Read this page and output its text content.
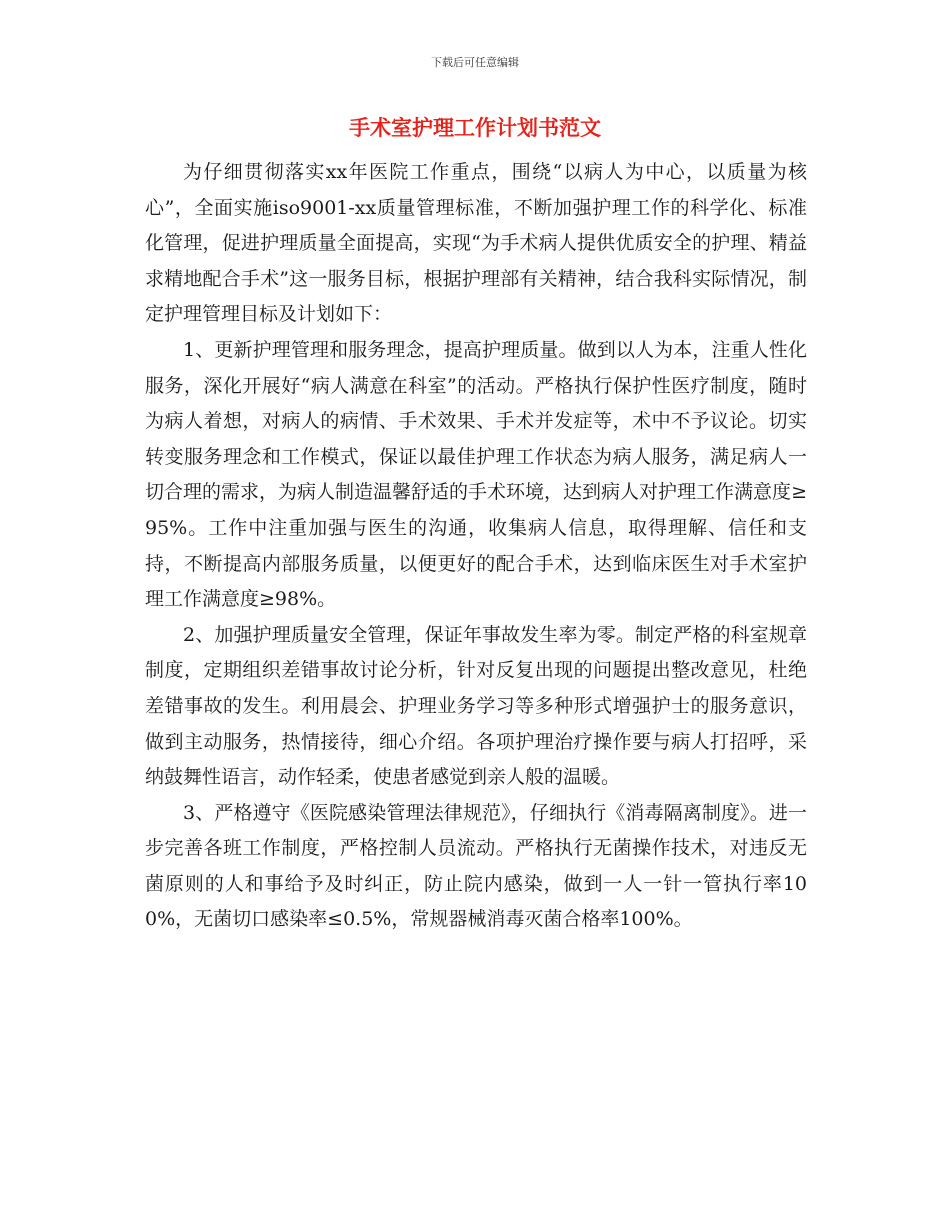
下载后可任意编辑
手术室护理工作计划书范文

为仔细贯彻落实xx年医院工作重点，围绕“以病人为中心，以质量为核心”，全面实施iso9001-xx质量管理标准，不断加强护理工作的科学化、标准化管理，促进护理质量全面提高，实现“为手术病人提供优质安全的护理、精益求精地配合手术”这一服务目标，根据护理部有关精神，结合我科实际情况，制定护理管理目标及计划如下：

1、更新护理管理和服务理念，提高护理质量。做到以人为本，注重人性化服务，深化开展好“病人满意在科室”的活动。严格执行保护性医疗制度，随时为病人着想，对病人的病情、手术效果、手术并发症等，术中不予议论。切实转变服务理念和工作模式，保证以最佳护理工作状态为病人服务，满足病人一切合理的需求，为病人制造温馨舒适的手术环境，达到病人对护理工作满意度≥95%。工作中注重加强与医生的沟通，收集病人信息，取得理解、信任和支持，不断提高内部服务质量，以便更好的配合手术，达到临床医生对手术室护理工作满意度≥98%。

2、加强护理质量安全管理，保证年事故发生率为零。制定严格的科室规章制度，定期组织差错事故讨论分析，针对反复出现的问题提出整改意见，杜绝差错事故的发生。利用晨会、护理业务学习等多种形式增强护士的服务意识，做到主动服务，热情接待，细心介绍。各项护理治疗操作要与病人打招呼，采纳鼓舞性语言，动作轻柔，使患者感觉到亲人般的温暖。

3、严格遵守《医院感染管理法律规范》，仔细执行《消毒隔离制度》。进一步完善各班工作制度，严格控制人员流动。严格执行无菌操作技术，对违反无菌原则的人和事给予及时纠正，防止院内感染，做到一人一针一管执行率100%，无菌切口感染率≤0.5%，常规器械消毒灭菌合格率100%。
